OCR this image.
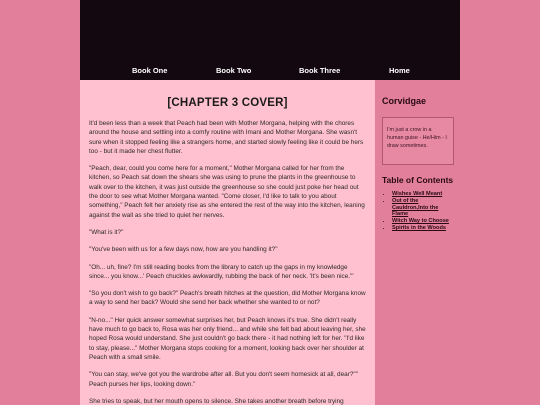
Book One	Book Two	Book Three	Home
[CHAPTER 3 COVER]

It'd been less than a week that Peach had been with Mother Morgana, helping with the chores around the house and settling into a comfy routine with Imani and Mother Morgana. She wasn't sure when it stopped feeling like a strangers home, and started slowly feeling like it could be hers too - but it made her chest flutter.

"Peach, dear, could you come here for a moment," Mother Morgana called for her from the kitchen, so Peach sat down the shears she was using to prune the plants in the greenhouse to walk over to the kitchen, it was just outside the greenhouse so she could just poke her head out the door to see what Mother Morgana wanted. "Come closer, I'd like to talk to you about something," Peach felt her anxiety rise as she entered the rest of the way into the kitchen, leaning against the wall as she tried to quiet her nerves.

"What is it?"

"You've been with us for a few days now, how are you handling it?"

"Oh... uh, fine? I'm still reading books from the library to catch up the gaps in my knowledge since... you know...' Peach chuckles awkwardly, rubbing the back of her neck. 'It's been nice.'"

"So you don't wish to go back?" Peach's breath hitches at the question, did Mother Morgana know a way to send her back? Would she send her back whether she wanted to or not?

"N-no..." Her quick answer somewhat surprises her, but Peach knows it's true. She didn't really have much to go back to, Rosa was her only friend... and while she felt bad about leaving her, she hoped Rosa would understand. She just couldn't go back there - it had nothing left for her. "I'd like to stay, please..." Mother Morgana stops cooking for a moment, looking back over her shoulder at Peach with a small smile.

"You can stay, we've got you the wardrobe after all. But you don't seem homesick at all, dear?"" Peach purses her lips, looking down."

She tries to speak, but her mouth opens to silence. She takes another breath before trying

Corvidgae
I'm just a crow in a human guise - He/Him - I draw sometimes.
Table of Contents
• Wishes Well Meant
• Out of the Cauldron,Into the Flame
• Witch Way to Choose
• Spirits in the Woods
